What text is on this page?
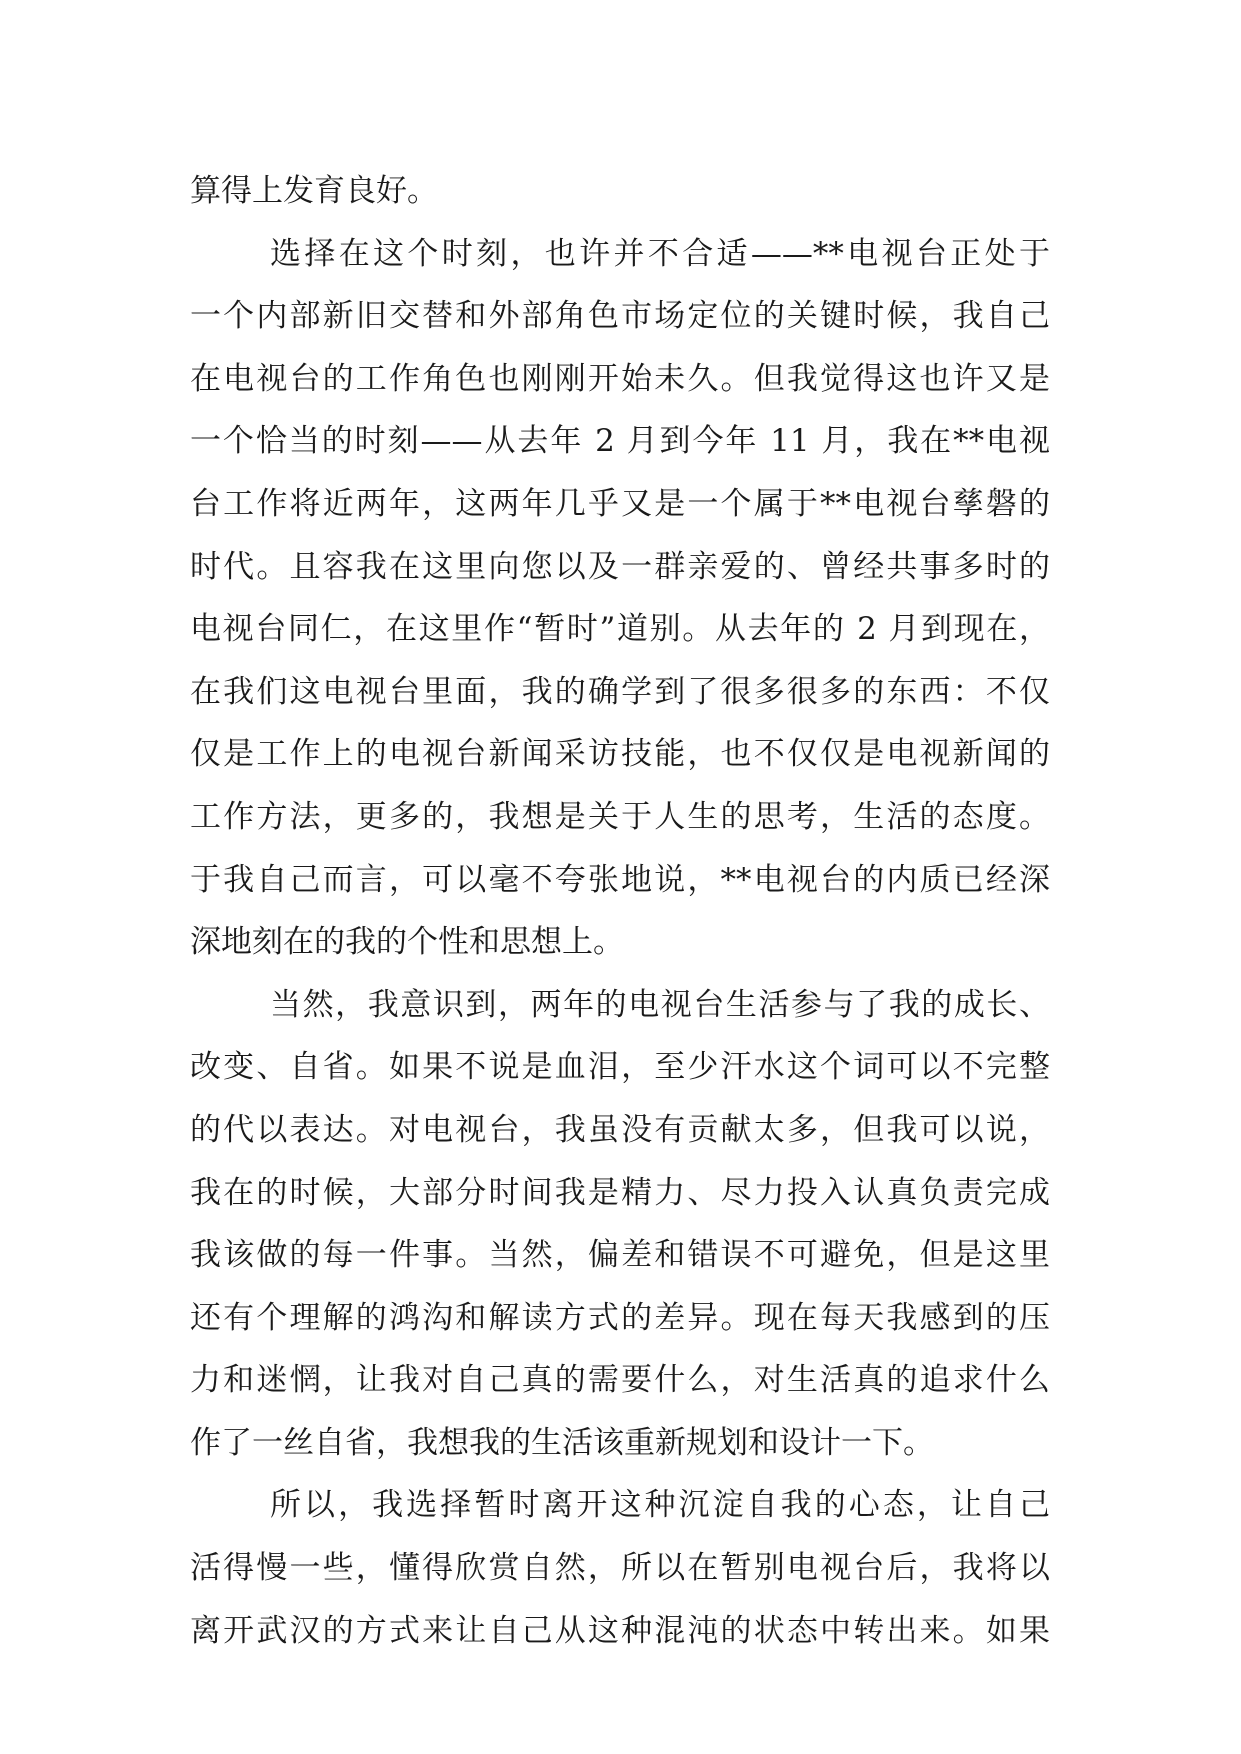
算得上发育良好。
选择在这个时刻，也许并不合适——**电视台正处于
一个内部新旧交替和外部角色市场定位的关键时候，我自己
在电视台的工作角色也刚刚开始未久。但我觉得这也许又是
一个恰当的时刻——从去年 2 月到今年 11 月，我在**电视
台工作将近两年，这两年几乎又是一个属于**电视台孳磐的
时代。且容我在这里向您以及一群亲爱的、曾经共事多时的
电视台同仁，在这里作“暂时”道别。从去年的 2 月到现在，
在我们这电视台里面，我的确学到了很多很多的东西：不仅
仅是工作上的电视台新闻采访技能，也不仅仅是电视新闻的
工作方法，更多的，我想是关于人生的思考，生活的态度。
于我自己而言，可以毫不夸张地说，**电视台的内质已经深
深地刻在的我的个性和思想上。
当然，我意识到，两年的电视台生活参与了我的成长、
改变、自省。如果不说是血泪，至少汗水这个词可以不完整
的代以表达。对电视台，我虽没有贡献太多，但我可以说，
我在的时候，大部分时间我是精力、尽力投入认真负责完成
我该做的每一件事。当然，偏差和错误不可避免，但是这里
还有个理解的鸿沟和解读方式的差异。现在每天我感到的压
力和迷惘，让我对自己真的需要什么，对生活真的追求什么
作了一丝自省，我想我的生活该重新规划和设计一下。
所以，我选择暂时离开这种沉淀自我的心态，让自己
活得慢一些，懂得欣赏自然，所以在暂别电视台后，我将以
离开武汉的方式来让自己从这种混沌的状态中转出来。如果
